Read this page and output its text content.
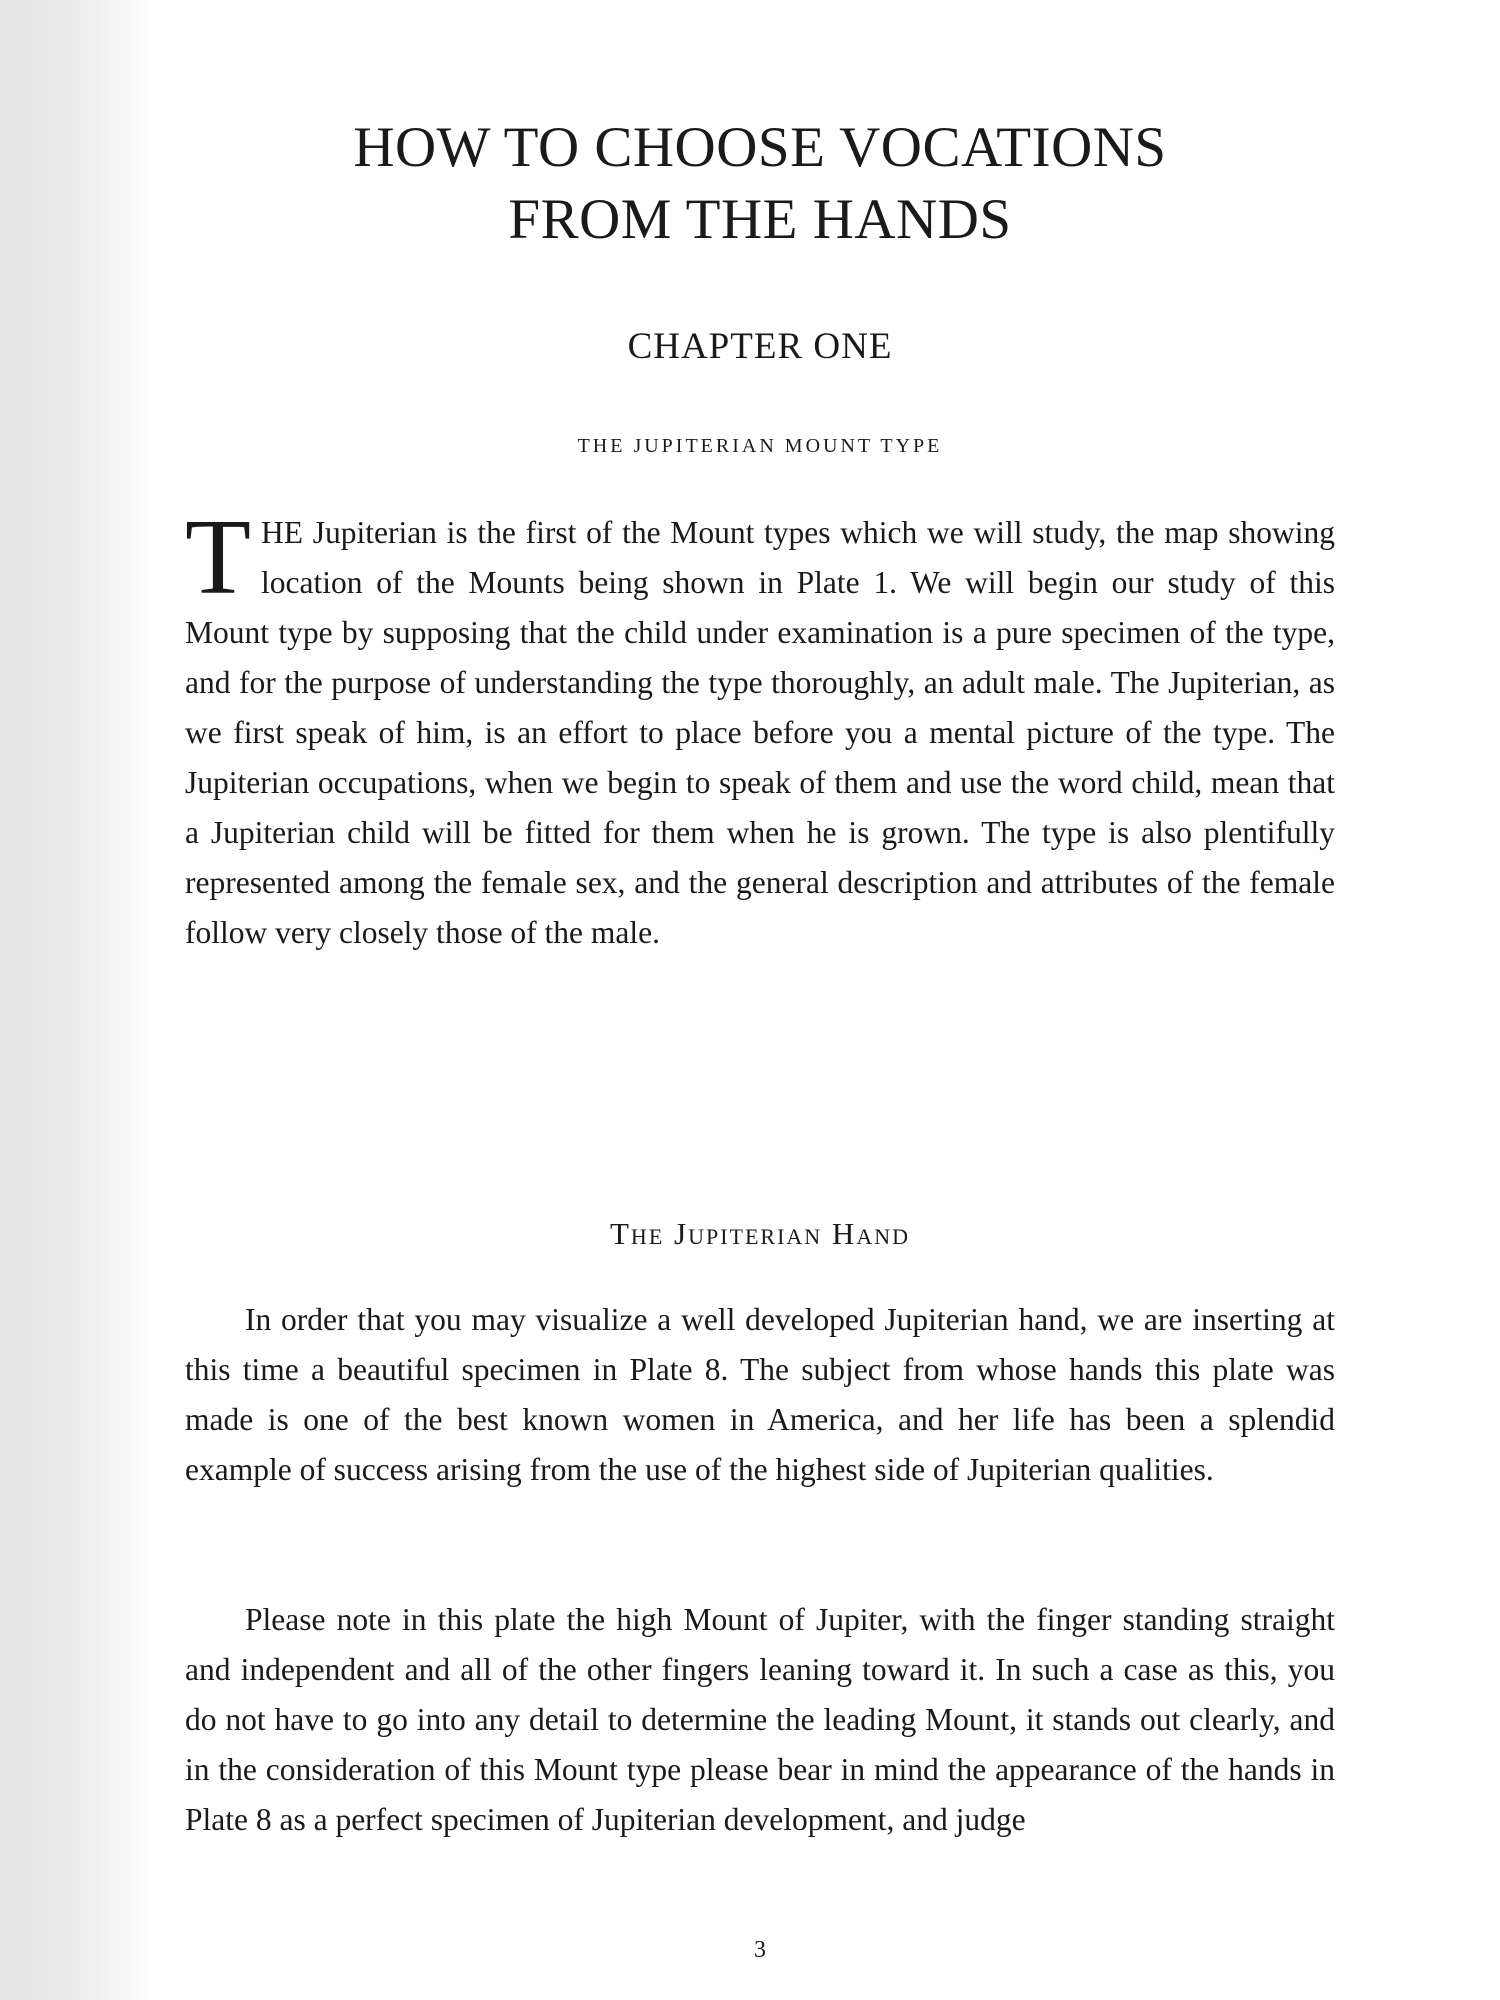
HOW TO CHOOSE VOCATIONS
FROM THE HANDS
CHAPTER ONE
THE JUPITERIAN MOUNT TYPE

T HE Jupiterian is the first of the Mount types which we will study, the map showing location of the Mounts being shown in Plate 1. We will begin our study of this Mount type by supposing that the child under examination is a pure specimen of the type, and for the purpose of understanding the type thoroughly, an adult male. The Jupiterian, as we first speak of him, is an effort to place before you a mental picture of the type. The Jupiterian occupations, when we begin to speak of them and use the word child, mean that a Jupiterian child will be fitted for them when he is grown. The type is also plentifully represented among the female sex, and the general description and attributes of the female follow very closely those of the male.

The Jupiterian Hand

In order that you may visualize a well developed Jupiterian hand, we are inserting at this time a beautiful specimen in Plate 8. The subject from whose hands this plate was made is one of the best known women in America, and her life has been a splendid example of success arising from the use of the highest side of Jupiterian qualities.

Please note in this plate the high Mount of Jupiter, with the finger standing straight and independent and all of the other fingers leaning toward it. In such a case as this, you do not have to go into any detail to determine the leading Mount, it stands out clearly, and in the consideration of this Mount type please bear in mind the appearance of the hands in Plate 8 as a perfect specimen of Jupiterian development, and judge

3
